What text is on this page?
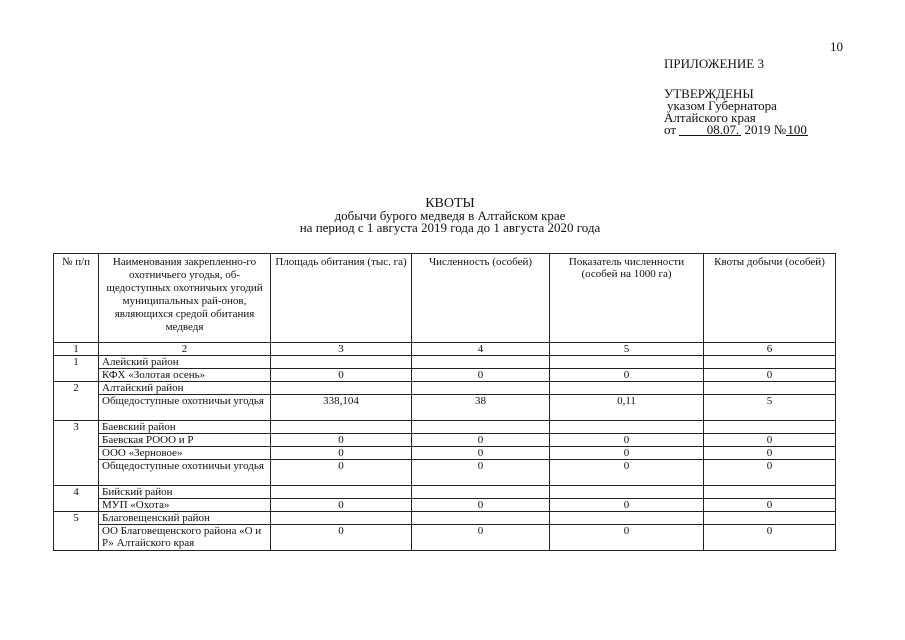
10
ПРИЛОЖЕНИЕ 3
УТВЕРЖДЕНЫ
указом Губернатора
Алтайского края
от 08.07. 2019 №100
КВОТЫ
добычи бурого медведя в Алтайском крае
на период с 1 августа 2019 года до 1 августа 2020 года
№ п/п	Наименования закрепленно-го охотничьего угодья, об-щедоступных охотничьих угодий муниципальных рай-онов, являющихся средой обитания медведя	Площадь обитания (тыс. га)	Численность (особей)	Показатель численности (особей на 1000 га)	Квоты добычи (особей)
1	2	3	4	5	6
1	Алейский район				
	КФХ «Золотая осень»	0	0	0	0
2	Алтайский район				
	Общедоступные охотничьи угодья	338,104	38	0,11	5
3	Баевский район				
	Баевская РООО и Р	0	0	0	0
	ООО «Зерновое»	0	0	0	0
	Общедоступные охотничьи угодья	0	0	0	0
4	Бийский район				
	МУП «Охота»	0	0	0	0
5	Благовещенский район				
	ОО Благовещенского района «О и Р» Алтайского края	0	0	0	0
